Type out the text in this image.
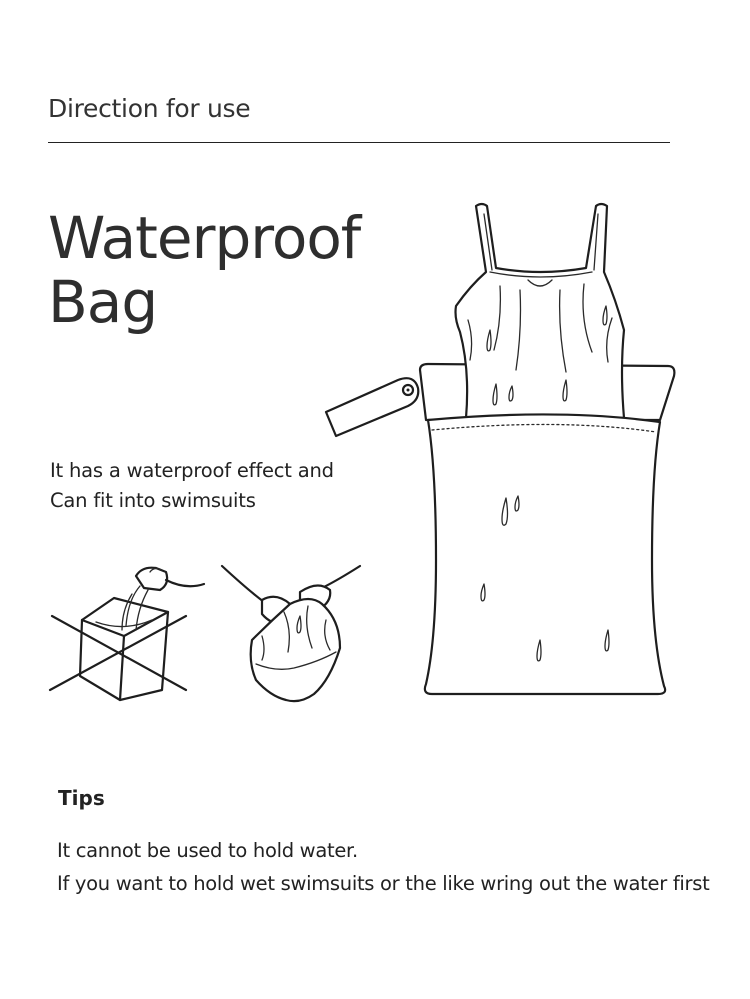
Direction for use
Waterproof
Bag
It has a waterproof effect and
Can fit into swimsuits
Tips
It cannot be used to hold water.
If you want to hold wet swimsuits or the like wring out the water first
